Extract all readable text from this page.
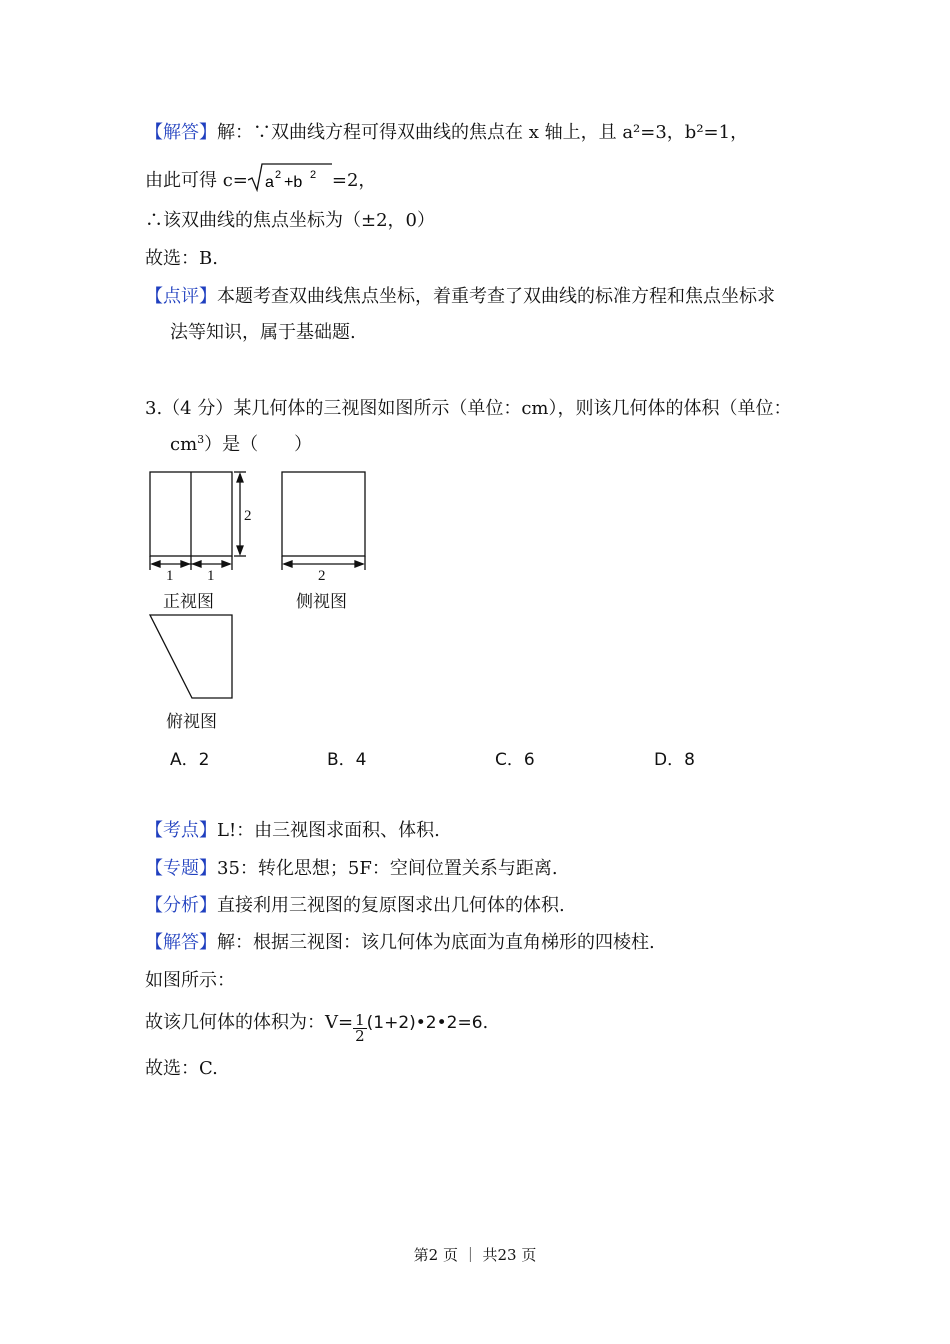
【解答】解：∵双曲线方程可得双曲线的焦点在 x 轴上，且 a²=3，b²=1，
由此可得 c= a 2 +b 2 =2，
∴该双曲线的焦点坐标为（±2，0）
故选：B.
【点评】本题考查双曲线焦点坐标，着重考查了双曲线的标准方程和焦点坐标求
法等知识，属于基础题.
3.（4 分）某几何体的三视图如图所示（单位：cm），则该几何体的体积（单位：
$cm^3$）是（　　）
2
1 1	2
正视图	侧视图
俯视图
A．2	B．4	C．6	D．8
【考点】L!：由三视图求面积、体积.
【专题】35：转化思想；5F：空间位置关系与距离.
【分析】直接利用三视图的复原图求出几何体的体积.
【解答】解：根据三视图：该几何体为底面为直角梯形的四棱柱.
如图所示：
故该几何体的体积为：$V= \frac{1}{2}$ (1+2)•2•2=6.
故选：C.
第2 页 ｜ 共23 页
